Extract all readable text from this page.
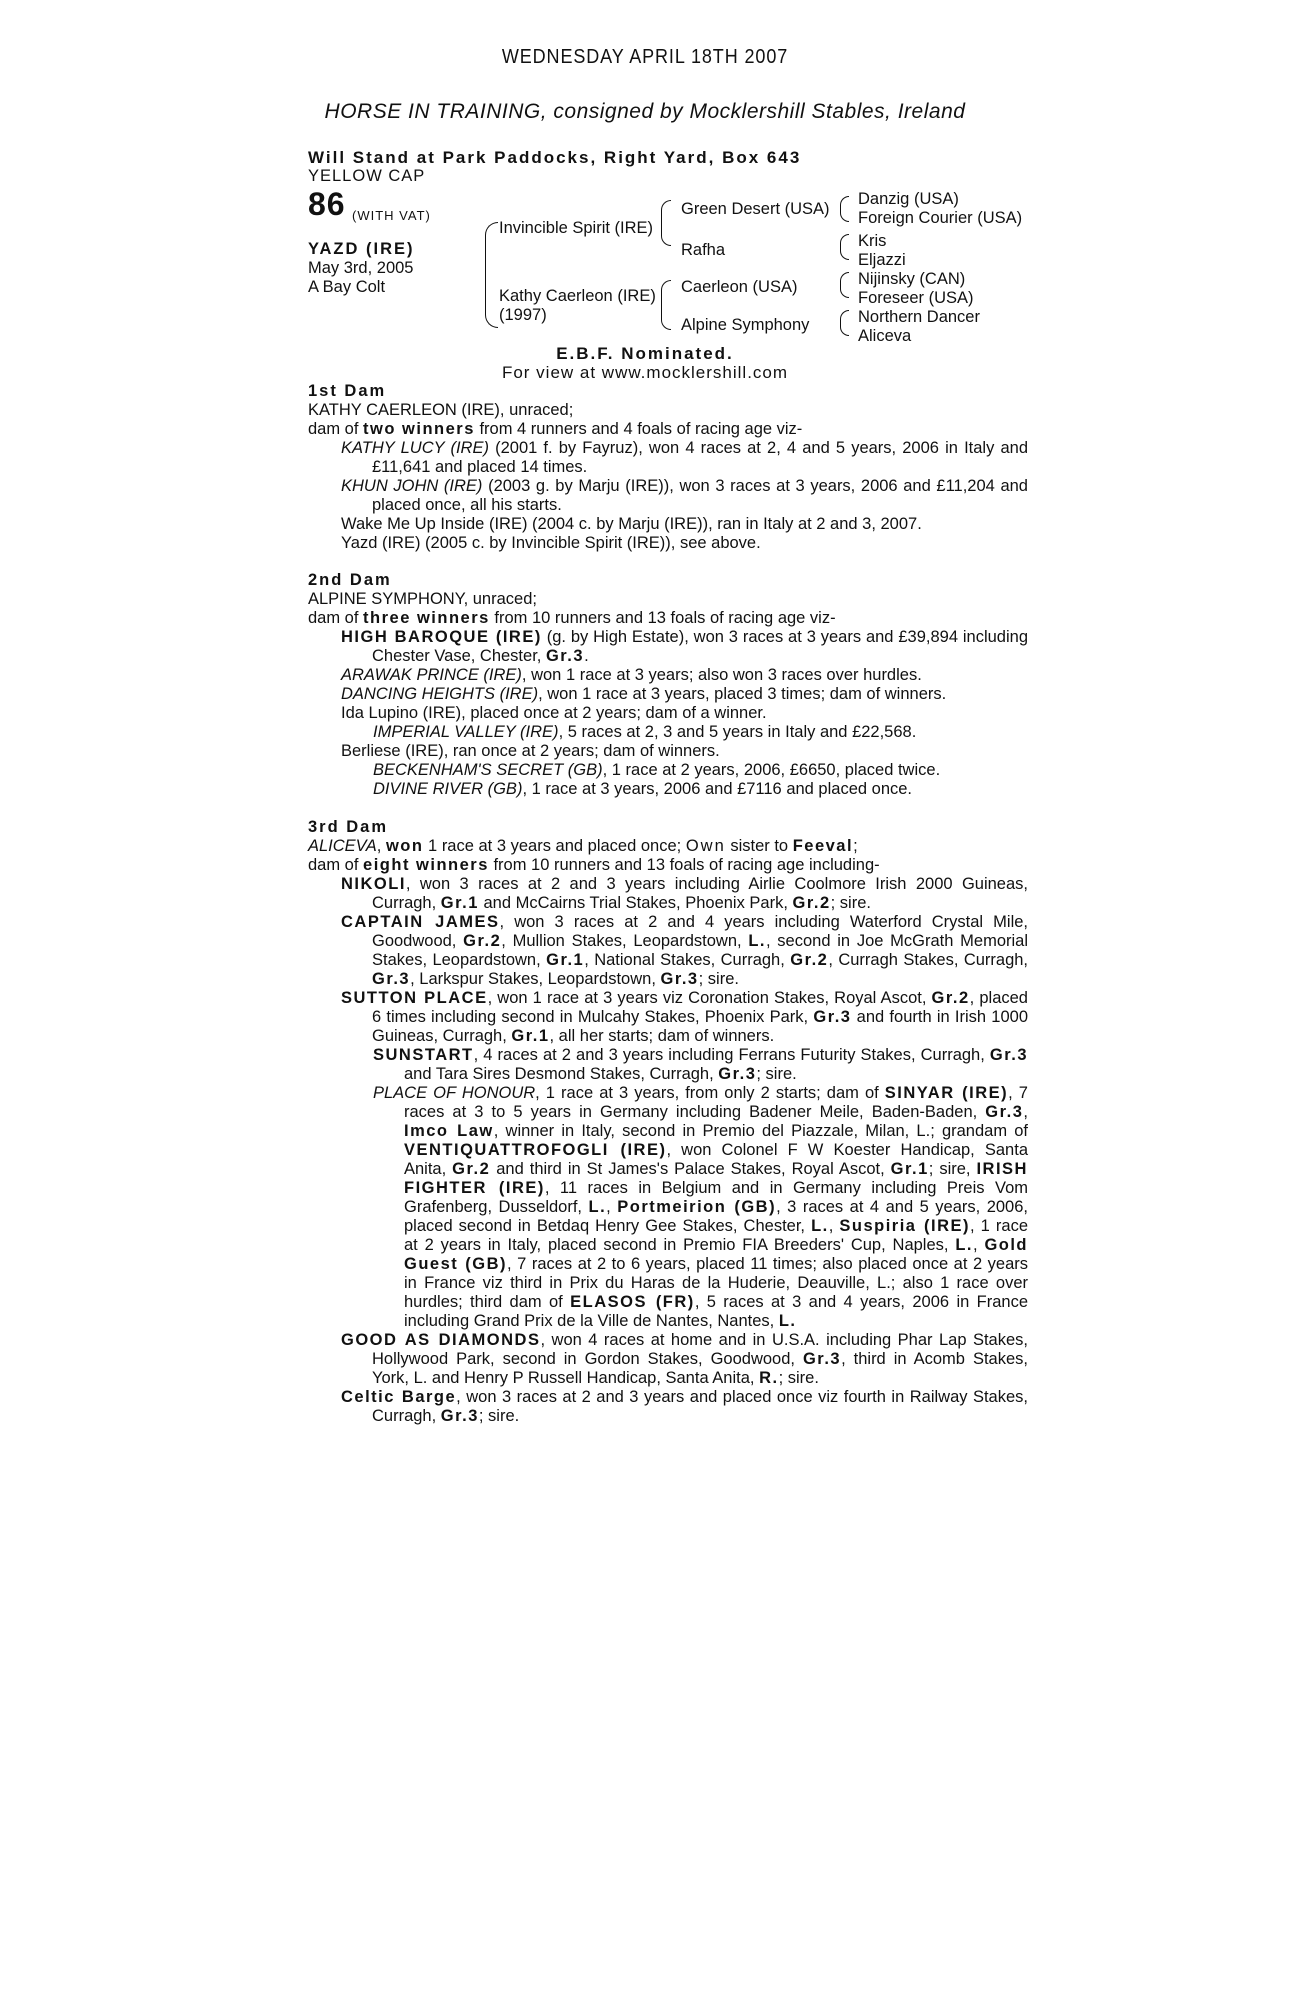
WEDNESDAY APRIL 18TH 2007
HORSE IN TRAINING, consigned by Mocklershill Stables, Ireland
Will Stand at Park Paddocks, Right Yard, Box 643
YELLOW CAP
86 (WITH VAT)
YAZD (IRE)
May 3rd, 2005
A Bay Colt
Invincible Spirit (IRE)
Kathy Caerleon (IRE)
(1997)
Green Desert (USA)
Rafha
Caerleon (USA)
Alpine Symphony
Danzig (USA)
Foreign Courier (USA)
Kris
Eljazzi
Nijinsky (CAN)
Foreseer (USA)
Northern Dancer
Aliceva
E.B.F. Nominated.
For view at www.mocklershill.com

1st Dam

KATHY CAERLEON (IRE), unraced;

dam of two winners from 4 runners and 4 foals of racing age viz-

KATHY LUCY (IRE) (2001 f. by Fayruz), won 4 races at 2, 4 and 5 years, 2006 in Italy and £11,641 and placed 14 times.

KHUN JOHN (IRE) (2003 g. by Marju (IRE)), won 3 races at 3 years, 2006 and £11,204 and placed once, all his starts.

Wake Me Up Inside (IRE) (2004 c. by Marju (IRE)), ran in Italy at 2 and 3, 2007.

Yazd (IRE) (2005 c. by Invincible Spirit (IRE)), see above.

2nd Dam

ALPINE SYMPHONY, unraced;

dam of three winners from 10 runners and 13 foals of racing age viz-

HIGH BAROQUE (IRE) (g. by High Estate), won 3 races at 3 years and £39,894 including Chester Vase, Chester, Gr.3.

ARAWAK PRINCE (IRE), won 1 race at 3 years; also won 3 races over hurdles.

DANCING HEIGHTS (IRE), won 1 race at 3 years, placed 3 times; dam of winners.

Ida Lupino (IRE), placed once at 2 years; dam of a winner.

IMPERIAL VALLEY (IRE), 5 races at 2, 3 and 5 years in Italy and £22,568.

Berliese (IRE), ran once at 2 years; dam of winners.

BECKENHAM'S SECRET (GB), 1 race at 2 years, 2006, £6650, placed twice.

DIVINE RIVER (GB), 1 race at 3 years, 2006 and £7116 and placed once.

3rd Dam

ALICEVA, won 1 race at 3 years and placed once; Own sister to Feeval;

dam of eight winners from 10 runners and 13 foals of racing age including-

NIKOLI, won 3 races at 2 and 3 years including Airlie Coolmore Irish 2000 Guineas, Curragh, Gr.1 and McCairns Trial Stakes, Phoenix Park, Gr.2; sire.

CAPTAIN JAMES, won 3 races at 2 and 4 years including Waterford Crystal Mile, Goodwood, Gr.2, Mullion Stakes, Leopardstown, L., second in Joe McGrath Memorial Stakes, Leopardstown, Gr.1, National Stakes, Curragh, Gr.2, Curragh Stakes, Curragh, Gr.3, Larkspur Stakes, Leopardstown, Gr.3; sire.

SUTTON PLACE, won 1 race at 3 years viz Coronation Stakes, Royal Ascot, Gr.2, placed 6 times including second in Mulcahy Stakes, Phoenix Park, Gr.3 and fourth in Irish 1000 Guineas, Curragh, Gr.1, all her starts; dam of winners.

SUNSTART, 4 races at 2 and 3 years including Ferrans Futurity Stakes, Curragh, Gr.3 and Tara Sires Desmond Stakes, Curragh, Gr.3; sire.

PLACE OF HONOUR, 1 race at 3 years, from only 2 starts; dam of SINYAR (IRE), 7 races at 3 to 5 years in Germany including Badener Meile, Baden-Baden, Gr.3, Imco Law, winner in Italy, second in Premio del Piazzale, Milan, L.; grandam of VENTIQUATTROFOGLI (IRE), won Colonel F W Koester Handicap, Santa Anita, Gr.2 and third in St James's Palace Stakes, Royal Ascot, Gr.1; sire, IRISH FIGHTER (IRE), 11 races in Belgium and in Germany including Preis Vom Grafenberg, Dusseldorf, L., Portmeirion (GB), 3 races at 4 and 5 years, 2006, placed second in Betdaq Henry Gee Stakes, Chester, L., Suspiria (IRE), 1 race at 2 years in Italy, placed second in Premio FIA Breeders' Cup, Naples, L., Gold Guest (GB), 7 races at 2 to 6 years, placed 11 times; also placed once at 2 years in France viz third in Prix du Haras de la Huderie, Deauville, L.; also 1 race over hurdles; third dam of ELASOS (FR), 5 races at 3 and 4 years, 2006 in France including Grand Prix de la Ville de Nantes, Nantes, L.

GOOD AS DIAMONDS, won 4 races at home and in U.S.A. including Phar Lap Stakes, Hollywood Park, second in Gordon Stakes, Goodwood, Gr.3, third in Acomb Stakes, York, L. and Henry P Russell Handicap, Santa Anita, R.; sire.

Celtic Barge, won 3 races at 2 and 3 years and placed once viz fourth in Railway Stakes, Curragh, Gr.3; sire.
